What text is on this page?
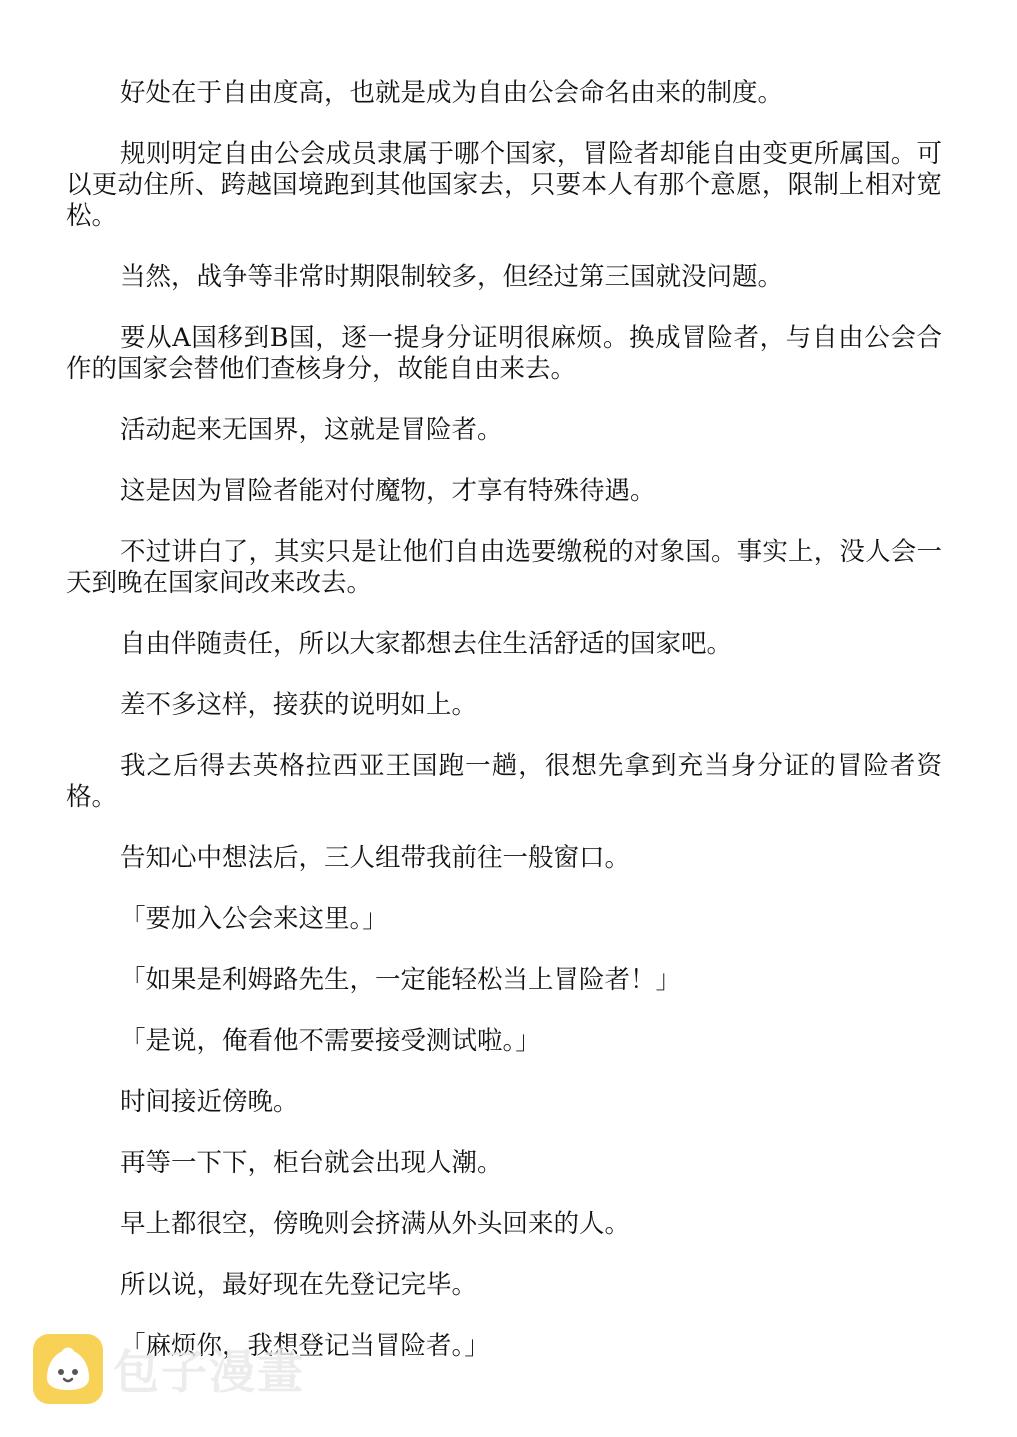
好处在于自由度高，也就是成为自由公会命名由来的制度。

规则明定自由公会成员隶属于哪个国家，冒险者却能自由变更所属国。可以更动住所、跨越国境跑到其他国家去，只要本人有那个意愿，限制上相对宽松。

当然，战争等非常时期限制较多，但经过第三国就没问题。

要从A国移到B国，逐一提身分证明很麻烦。换成冒险者，与自由公会合作的国家会替他们查核身分，故能自由来去。

活动起来无国界，这就是冒险者。

这是因为冒险者能对付魔物，才享有特殊待遇。

不过讲白了，其实只是让他们自由选要缴税的对象国。事实上，没人会一天到晚在国家间改来改去。

自由伴随责任，所以大家都想去住生活舒适的国家吧。

差不多这样，接获的说明如上。

我之后得去英格拉西亚王国跑一趟，很想先拿到充当身分证的冒险者资格。

告知心中想法后，三人组带我前往一般窗口。

「要加入公会来这里。」

「如果是利姆路先生，一定能轻松当上冒险者！」

「是说，俺看他不需要接受测试啦。」

时间接近傍晚。

再等一下下，柜台就会出现人潮。

早上都很空，傍晚则会挤满从外头回来的人。

所以说，最好现在先登记完毕。

「麻烦你，我想登记当冒险者。」

包子漫畫
